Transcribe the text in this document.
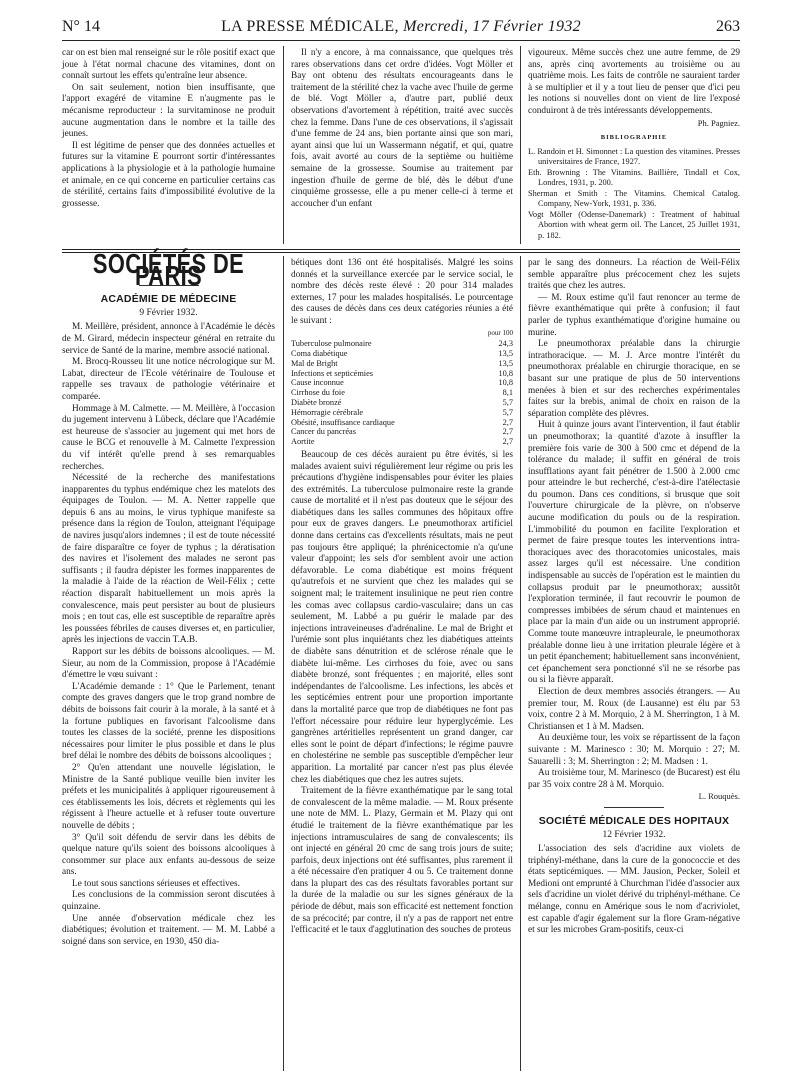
N° 14	LA PRESSE MÉDICALE, Mercredi, 17 Février 1932	263

car on est bien mal renseigné sur le rôle positif exact que joue à l'état normal chacune des vitamines, dont on connaît surtout les effets qu'entraîne leur absence.

On sait seulement, notion bien insuffisante, que l'apport exagéré de vitamine E n'augmente pas le mécanisme reproducteur : la survitaminose ne produit aucune augmentation dans le nombre et la taille des jeunes.

Il est légitime de penser que des données actuelles et futures sur la vitamine E pourront sortir d'intéressantes applications à la physiologie et à la pathologie humaine et animale, en ce qui concerne en particulier certains cas de stérilité, certains faits d'impossibilité évolutive de la grossesse.

Il n'y a encore, à ma connaissance, que quelques très rares observations dans cet ordre d'idées. Vogt Möller et Bay ont obtenu des résultats encourageants dans le traitement de la stérilité chez la vache avec l'huile de germe de blé. Vogt Möller a, d'autre part, publié deux observations d'avortement à répétition, traité avec succès chez la femme. Dans l'une de ces observations, il s'agissait d'une femme de 24 ans, bien portante ainsi que son mari, ayant ainsi que lui un Wassermann négatif, et qui, quatre fois, avait avorté au cours de la septième ou huitième semaine de la grossesse. Soumise au traitement par ingestion d'huile de germe de blé, dès le début d'une cinquième grossesse, elle a pu mener celle-ci à terme et accoucher d'un enfant

vigoureux. Même succès chez une autre femme, de 29 ans, après cinq avortements au troisième ou au quatrième mois. Les faits de contrôle ne sauraient tarder à se multiplier et il y a tout lieu de penser que d'ici peu les notions si nouvelles dont on vient de lire l'exposé conduiront à de très intéressants développements.

Ph. Pagniez.
BIBLIOGRAPHIE

L. Randoin et H. Simonnet : La question des vitamines. Presses universitaires de France, 1927.

Eth. Browning : The Vitamins. Baillière, Tindall et Cox, Londres, 1931, p. 200.

Sherman et Smith : The Vitamins. Chemical Catalog. Company, New-York, 1931, p. 336.

Vogt Möller (Odense-Danemark) : Treatment of habitual Abortion with wheat germ oil. The Lancet, 25 Juillet 1931, p. 182.

SOCIÉTÉS DE PARIS
ACADÉMIE DE MÉDECINE
9 Février 1932.

M. Meillère, président, annonce à l'Académie le décès de M. Girard, médecin inspecteur général en retraite du service de Santé de la marine, membre associé national.

M. Brocq-Rousseu lit une notice nécrologique sur M. Labat, directeur de l'Ecole vétérinaire de Toulouse et rappelle ses travaux de pathologie vétérinaire et comparée.

Hommage à M. Calmette. — M. Meillère, à l'occasion du jugement intervenu à Lübeck, déclare que l'Académie est heureuse de s'associer au jugement qui met hors de cause le BCG et renouvelle à M. Calmette l'expression du vif intérêt qu'elle prend à ses remarquables recherches.

Nécessité de la recherche des manifestations inapparentes du typhus endémique chez les matelots des équipages de Toulon. — M. A. Netter rappelle que depuis 6 ans au moins, le virus typhique manifeste sa présence dans la région de Toulon, atteignant l'équipage de navires jusqu'alors indemnes ; il est de toute nécessité de faire disparaître ce foyer de typhus ; la dératisation des navires et l'isolement des malades ne seront pas suffisants ; il faudra dépister les formes inapparentes de la maladie à l'aide de la réaction de Weil-Félix ; cette réaction disparaît habituellement un mois après la convalescence, mais peut persister au bout de plusieurs mois ; en tout cas, elle est susceptible de reparaître après les poussées fébriles de causes diverses et, en particulier, après les injections de vaccin T.A.B.

Rapport sur les débits de boissons alcooliques. — M. Sieur, au nom de la Commission, propose à l'Académie d'émettre le vœu suivant :

L'Académie demande : 1° Que le Parlement, tenant compte des graves dangers que le trop grand nombre de débits de boissons fait courir à la morale, à la santé et à la fortune publiques en favorisant l'alcoolisme dans toutes les classes de la société, prenne les dispositions nécessaires pour limiter le plus possible et dans le plus bref délai le nombre des débits de boissons alcooliques ;

2° Qu'en attendant une nouvelle législation, le Ministre de la Santé publique veuille bien inviter les préfets et les municipalités à appliquer rigoureusement à ces établissements les lois, décrets et règlements qui les régissent à l'heure actuelle et à refuser toute ouverture nouvelle de débits ;

3° Qu'il soit défendu de servir dans les débits de quelque nature qu'ils soient des boissons alcooliques à consommer sur place aux enfants au-dessous de seize ans.

Le tout sous sanctions sérieuses et effectives.

Les conclusions de la commission seront discutées à quinzaine.

Une année d'observation médicale chez les diabétiques; évolution et traitement. — M. M. Labbé a soigné dans son service, en 1930, 450 dia-

bétiques dont 136 ont été hospitalisés. Malgré les soins donnés et la surveillance exercée par le service social, le nombre des décès reste élevé : 20 pour 314 malades externes, 17 pour les malades hospitalisés. Le pourcentage des causes de décès dans ces deux catégories réunies a été le suivant :

pour 100
Tuberculose pulmonaire	24,3
Coma diabétique	13,5
Mal de Bright	13,5
Infections et septicémies	10,8
Cause inconnue	10,8
Cirrhose du foie	8,1
Diabète bronzé	5,7
Hémorragie cérébrale	5,7
Obésité, insuffisance cardiaque	2,7
Cancer du pancréas	2,7
Aortite	2,7

Beaucoup de ces décès auraient pu être évités, si les malades avaient suivi régulièrement leur régime ou pris les précautions d'hygiène indispensables pour éviter les plaies des extrémités. La tuberculose pulmonaire reste la grande cause de mortalité et il n'est pas douteux que le séjour des diabétiques dans les salles communes des hôpitaux offre pour eux de graves dangers. Le pneumothorax artificiel donne dans certains cas d'excellents résultats, mais ne peut pas toujours être appliqué; la phrénicectomie n'a qu'une valeur d'appoint; les sels d'or semblent avoir une action défavorable. Le coma diabétique est moins fréquent qu'autrefois et ne survient que chez les malades qui se soignent mal; le traitement insulinique ne peut rien contre les comas avec collapsus cardio-vasculaire; dans un cas seulement, M. Labbé a pu guérir le malade par des injections intraveineuses d'adrénaline. Le mal de Bright et l'urémie sont plus inquiétants chez les diabétiques atteints de diabète sans dénutrition et de sclérose rénale que le diabète lui-même. Les cirrhoses du foie, avec ou sans diabète bronzé, sont fréquentes ; en majorité, elles sont indépendantes de l'alcoolisme. Les infections, les abcès et les septicémies entrent pour une proportion importante dans la mortalité parce que trop de diabétiques ne font pas l'effort nécessaire pour réduire leur hyperglycémie. Les gangrènes artéritielles représentent un grand danger, car elles sont le point de départ d'infections; le régime pauvre en cholestérine ne semble pas susceptible d'empêcher leur apparition. La mortalité par cancer n'est pas plus élevée chez les diabétiques que chez les autres sujets.

Traitement de la fièvre exanthématique par le sang total de convalescent de la même maladie. — M. Roux présente une note de MM. L. Plazy, Germain et M. Plazy qui ont étudié le traitement de la fièvre exanthématique par les injections intramusculaires de sang de convalescents; ils ont injecté en général 20 cmc de sang trois jours de suite; parfois, deux injections ont été suffisantes, plus rarement il a été nécessaire d'en pratiquer 4 ou 5. Ce traitement donne dans la plupart des cas des résultats favorables portant sur la durée de la maladie ou sur les signes généraux de la période de début, mais son efficacité est nettement fonction de sa précocité; par contre, il n'y a pas de rapport net entre l'efficacité et le taux d'agglutination des souches de proteus

par le sang des donneurs. La réaction de Weil-Félix semble apparaître plus précocement chez les sujets traités que chez les autres.

— M. Roux estime qu'il faut renoncer au terme de fièvre exanthématique qui prête à confusion; il faut parler de typhus exanthématique d'origine humaine ou murine.

Le pneumothorax préalable dans la chirurgie intrathoracique. — M. J. Arce montre l'intérêt du pneumothorax préalable en chirurgie thoracique, en se basant sur une pratique de plus de 50 interventions menées à bien et sur des recherches expérimentales faites sur la brebis, animal de choix en raison de la séparation complète des plèvres.

Huit à quinze jours avant l'intervention, il faut établir un pneumothorax; la quantité d'azote à insuffler la première fois varie de 300 à 500 cmc et dépend de la tolérance du malade; il suffit en général de trois insufflations ayant fait pénétrer de 1.500 à 2.000 cmc pour atteindre le but recherché, c'est-à-dire l'atélectasie du poumon. Dans ces conditions, si brusque que soit l'ouverture chirurgicale de la plèvre, on n'observe aucune modification du pouls ou de la respiration. L'immobilité du poumon en facilite l'exploration et permet de faire presque toutes les interventions intra-thoraciques avec des thoracotomies unicostales, mais assez larges qu'il est nécessaire. Une condition indispensable au succès de l'opération est le maintien du collapsus produit par le pneumothorax; aussitôt l'exploration terminée, il faut recouvrir le poumon de compresses imbibées de sérum chaud et maintenues en place par la main d'un aide ou un instrument approprié. Comme toute manœuvre intrapleurale, le pneumothorax préalable donne lieu à une irritation pleurale légère et à un petit épanchement; habituellement sans inconvénient, cet épanchement sera ponctionné s'il ne se résorbe pas ou si la fièvre apparaît.

Election de deux membres associés étrangers. — Au premier tour, M. Roux (de Lausanne) est élu par 53 voix, contre 2 à M. Morquio, 2 à M. Sherrington, 1 à M. Christiansen et 1 à M. Madsen.

Au deuxième tour, les voix se répartissent de la façon suivante : M. Marinesco : 30; M. Morquio : 27; M. Sauarelli : 3; M. Sherrington : 2; M. Madsen : 1.

Au troisième tour, M. Marinesco (de Bucarest) est élu par 35 voix contre 28 à M. Morquio.

L. Rouquès.
SOCIÉTÉ MÉDICALE DES HOPITAUX
12 Février 1932.

L'association des sels d'acridine aux violets de triphényl-méthane, dans la cure de la gonococcie et des états septicémiques. — MM. Jausion, Pecker, Soleil et Medioni ont emprunté à Churchman l'idée d'associer aux sels d'acridine un violet dérivé du triphényl-méthane. Ce mélange, connu en Amérique sous le nom d'acriviolet, est capable d'agir également sur la flore Gram-négative et sur les microbes Gram-positifs, ceux-ci
